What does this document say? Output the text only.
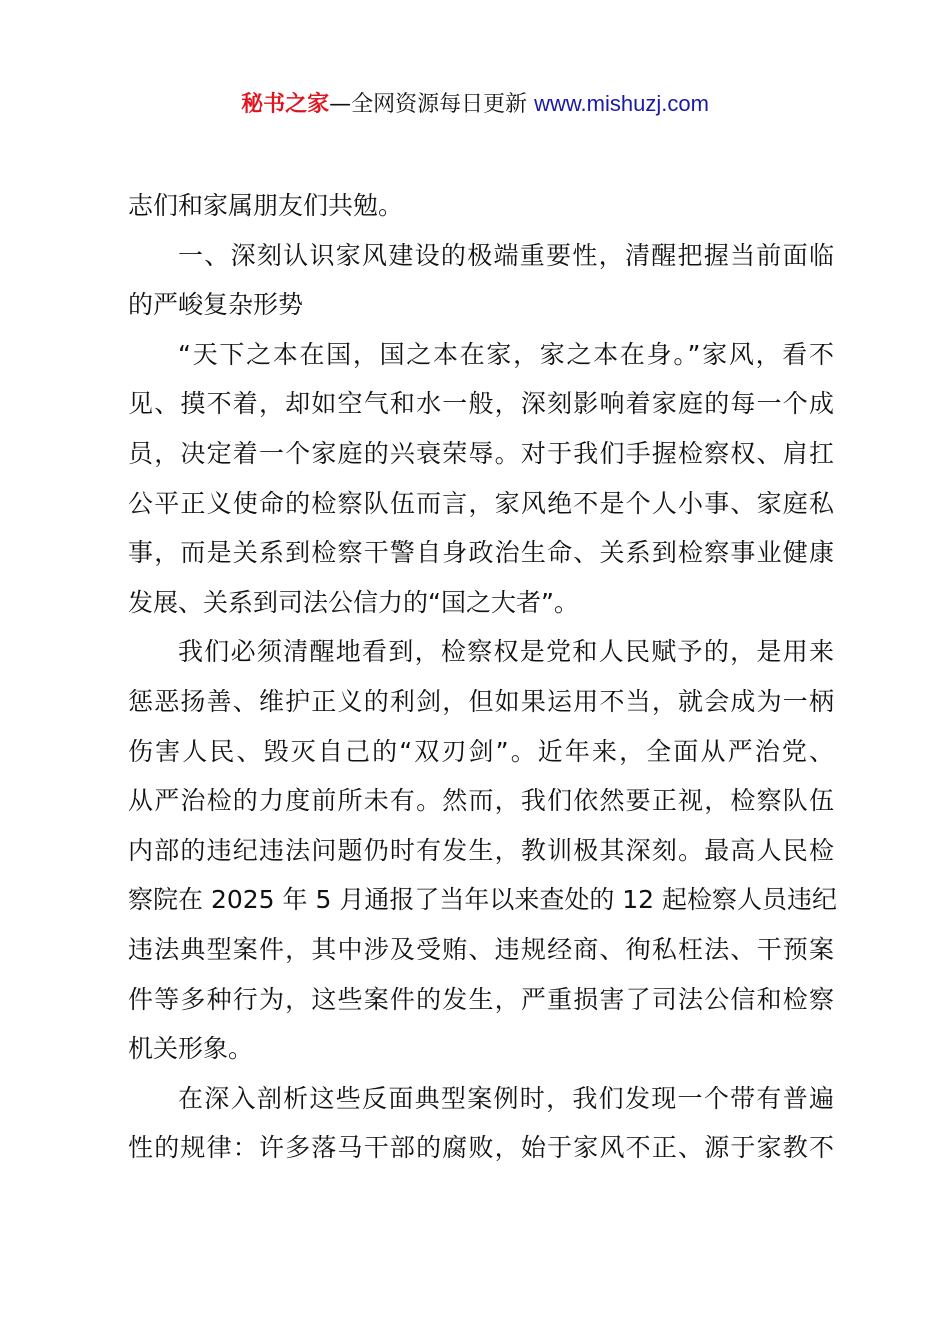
秘书之家—全网资源每日更新 www.mishuzj.com
志们和家属朋友们共勉。
一、深刻认识家风建设的极端重要性，清醒把握当前面临
的严峻复杂形势
“天下之本在国，国之本在家，家之本在身。”家风，看不
见、摸不着，却如空气和水一般，深刻影响着家庭的每一个成
员，决定着一个家庭的兴衰荣辱。对于我们手握检察权、肩扛
公平正义使命的检察队伍而言，家风绝不是个人小事、家庭私
事，而是关系到检察干警自身政治生命、关系到检察事业健康
发展、关系到司法公信力的“国之大者”。
我们必须清醒地看到，检察权是党和人民赋予的，是用来
惩恶扬善、维护正义的利剑，但如果运用不当，就会成为一柄
伤害人民、毁灭自己的“双刃剑”。近年来，全面从严治党、
从严治检的力度前所未有。然而，我们依然要正视，检察队伍
内部的违纪违法问题仍时有发生，教训极其深刻。最高人民检
察院在 2025 年 5 月通报了当年以来查处的 12 起检察人员违纪
违法典型案件，其中涉及受贿、违规经商、徇私枉法、干预案
件等多种行为，这些案件的发生，严重损害了司法公信和检察
机关形象。
在深入剖析这些反面典型案例时，我们发现一个带有普遍
性的规律：许多落马干部的腐败，始于家风不正、源于家教不
